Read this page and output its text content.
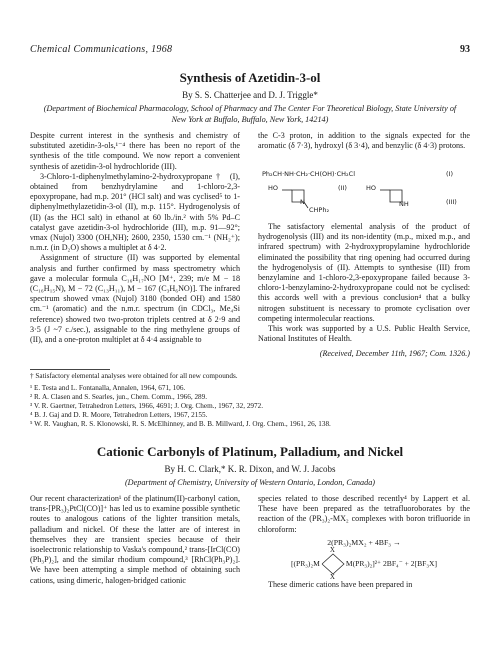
Chemical Communications, 1968	93
Synthesis of Azetidin-3-ol
By S. S. Chatterjee and D. J. Triggle*
(Department of Biochemical Pharmacology, School of Pharmacy and The Center For Theoretical Biology, State University of New York at Buffalo, Buffalo, New York, 14214)

Despite current interest in the synthesis and chemistry of substituted azetidin-3-ols,¹⁻⁴ there has been no report of the synthesis of the title compound. We now report a convenient synthesis of azetidin-3-ol hydrochloride (III).

3-Chloro-1-diphenylmethylamino-2-hydroxypropane† (I), obtained from benzhydrylamine and 1-chloro-2,3-epoxypropane, had m.p. 201° (HCl salt) and was cyclised⁵ to 1-diphenylmethylazetidin-3-ol (II), m.p. 115°. Hydrogenolysis of (II) (as the HCl salt) in ethanol at 60 lb./in.² with 5% Pd–C catalyst gave azetidin-3-ol hydrochloride (III), m.p. 91—92°; νmax (Nujol) 3300 (OH,NH); 2600, 2350, 1530 cm.⁻¹ (NH₂⁺); n.m.r. (in D₂O) shows a multiplet at δ 4·2.

Assignment of structure (II) was supported by elemental analysis and further confirmed by mass spectrometry which gave a molecular formula C₁₆H₁₇NO [M⁺, 239; m/e M − 18 (C₁₆H₁₅N), M − 72 (C₁₃H₁₁), M − 167 (C₃H₆NO)]. The infrared spectrum showed νmax (Nujol) 3180 (bonded OH) and 1580 cm.⁻¹ (aromatic) and the n.m.r. spectrum (in CDCl₃, Me₄Si reference) showed two two-proton triplets centred at δ 2·9 and 3·5 (J ~7 c./sec.), assignable to the ring methylene groups of (II), and a one-proton multiplet at δ 4·4 assignable to

the C-3 proton, in addition to the signals expected for the aromatic (δ 7·3), hydroxyl (δ 3·4), and benzylic (δ 4·3) protons.

Ph₂CH·NH·CH₂·CH(OH)·CH₂Cl	(I)
HO
N
CHPh₂
(II)	HO
NH	(III)

The satisfactory elemental analysis of the product of hydrogenolysis (III) and its non-identity (m.p., mixed m.p., and infrared spectrum) with 2-hydroxypropylamine hydrochloride eliminated the possibility that ring opening had occurred during the hydrogenolysis of (II). Attempts to synthesise (III) from benzylamine and 1-chloro-2,3-epoxypropane failed because 3-chloro-1-benzylamino-2-hydroxypropane could not be cyclised: this accords well with a previous conclusion⁴ that a bulky nitrogen substituent is necessary to promote cyclisation over competing intermolecular reactions.

This work was supported by a U.S. Public Health Service, National Institutes of Health.

(Received, December 11th, 1967; Com. 1326.)

† Satisfactory elemental analyses were obtained for all new compounds.
¹ E. Testa and L. Fontanalla, Annalen, 1964, 671, 106.
² R. A. Clasen and S. Searles, jun., Chem. Comm., 1966, 289.
³ V. R. Gaertner, Tetrahedron Letters, 1966, 4691; J. Org. Chem., 1967, 32, 2972.
⁴ B. J. Gaj and D. R. Moore, Tetrahedron Letters, 1967, 2155.
⁵ W. R. Vaughan, R. S. Klonowski, R. S. McElhinney, and B. B. Millward, J. Org. Chem., 1961, 26, 138.
Cationic Carbonyls of Platinum, Palladium, and Nickel
By H. C. Clark,* K. R. Dixon, and W. J. Jacobs
(Department of Chemistry, University of Western Ontario, London, Canada)

Our recent characterization¹ of the platinum(II)-carbonyl cation, trans-[PR₃)₂PtCl(CO)]⁺ has led us to examine possible synthetic routes to analogous cations of the lighter transition metals, palladium and nickel. Of these the latter are of interest in themselves they are transient species because of their isoelectronic relationship to Vaska's compound,² trans-[IrCl(CO)(Ph₃P)₂], and the similar rhodium compound,³ [RhCl(Ph₃P)₂]. We have been attempting a simple method of obtaining such cations, using dimeric, halogen-bridged cationic

species related to those described recently⁴ by Lappert et al. These have been prepared as the tetrafluoroborates by the reaction of the (PR₃)₂-MX₂ complexes with boron trifluoride in chloroform:

2(PR₃)₂MX₂ + 4BF₃ →
[(PR₃)₂M
X
X
M(PR₃)₂]²⁺ 2BF₄⁻ + 2[BF₃X]

These dimeric cations have been prepared in
